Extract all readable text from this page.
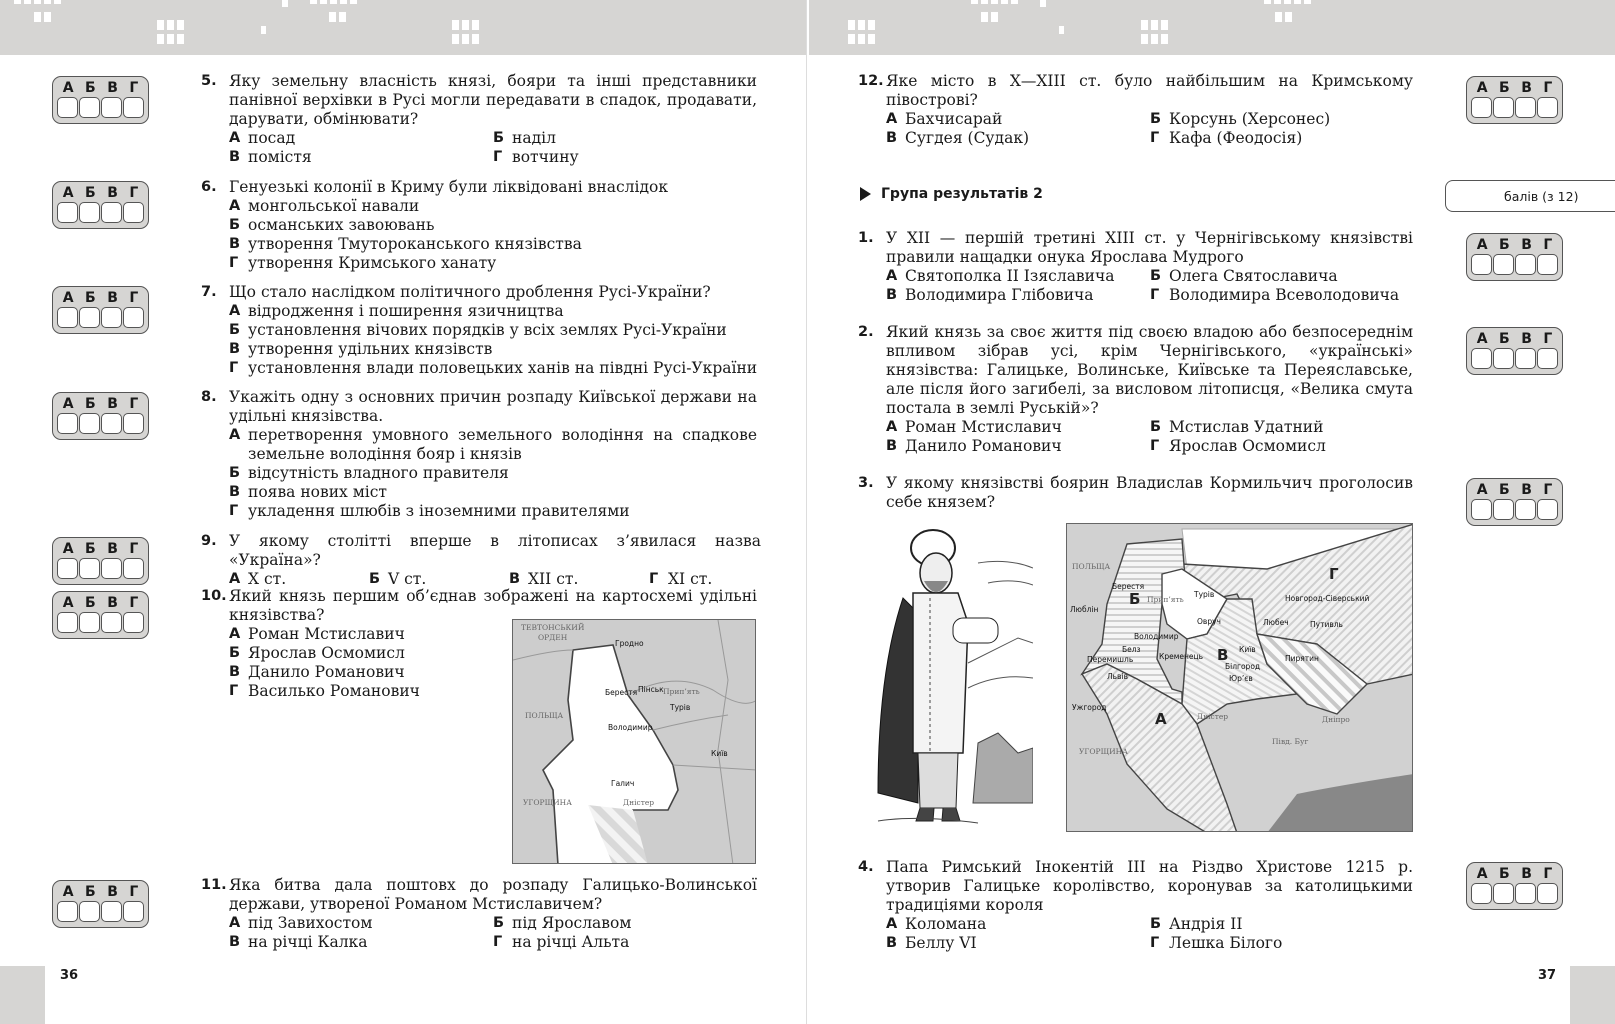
А Б В Г
А Б В Г
А Б В Г
А Б В Г
А Б В Г
А Б В Г
А Б В Г
5. Яку земельну власність князі, бояри та інші представники панівної верхівки в Русі могли передавати в спадок, продавати, дарувати, обмінювати?
А посад	Б наділ
В помістя	Г вотчину
6. Генуезькі колонії в Криму були ліквідовані внаслідок
А монгольської навали
Б османських завоювань
В утворення Тмутороканського князівства
Г утворення Кримського ханату
7. Що стало наслідком політичного дроблення Русі-України?
А відродження і поширення язичництва
Б установлення вічових порядків у всіх землях Русі-України
В утворення удільних князівств
Г установлення влади половецьких ханів на півдні Русі-України
8. Укажіть одну з основних причин розпаду Київської держави на удільні князівства.
А перетворення умовного земельного володіння на спадкове земельне володіння бояр і князів
Б відсутність владного правителя
В поява нових міст
Г укладення шлюбів з іноземними правителями
9. У якому столітті вперше в літописах з’явилася назва «Україна»?
А X ст.	Б V ст.	В XII ст.	Г XI ст.
10. Який князь першим об’єднав зображені на картосхемі удільні князівства?
А Роман Мстиславич
Б Ярослав Осмомисл
В Данило Романович
Г Василько Романович
ТЕВТОНСЬКИЙ
ОРДЕН
Гродно
Берестя Пінськ Прип’ять
Турів
ПОЛЬЩА
Володимир
Київ
Галич
Дністер
УГОРЩИНА
11. Яка битва дала поштовх до розпаду Галицько-Волинської держави, утвореної Романом Мстиславичем?
А під Завихостом	Б під Ярославом
В на річці Калка	Г на річці Альта
36
А Б В Г
А Б В Г
А Б В Г
А Б В Г
А Б В Г
12. Яке місто в X—XIII ст. було найбільшим на Кримському півострові?
А Бахчисарай	Б Корсунь (Херсонес)
В Сугдея (Судак)	Г Кафа (Феодосія)
Група результатів 2	балів (з 12)
1. У XII — першій третині XIII ст. у Чернігівському князівстві правили нащадки онука Ярослава Мудрого
А Святополка II Ізяславича Б Олега Святославича
В Володимира Глібовича	Г Володимира Всеволодовича
2. Який князь за своє життя під своєю владою або безпосереднім впливом зібрав усі, крім Чернігівського, «українські» князівства: Галицьке, Волинське, Київське та Переяславське, але після його загибелі, за висловом літописця, «Велика смута постала в землі Руській»?
А Роман Мстиславич	Б Мстислав Удатний
В Данило Романович	Г Ярослав Осмомисл
3. У якому князівстві боярин Владислав Кормильчич проголосив себе князем?
ПОЛЬЩА
Берестя
Б Прип’ять
Турів
Люблін
Г
Новгород-Сіверський
Любеч	Путивль
Овруч
Володимир
Белз
Перемишль	Кременець В Київ
Пирятин
Білгород
Юр’єв
Львів
Ужгород
А	Дністер
Півд. Буг
Дніпро
УГОРЩИНА
4. Папа Римський Інокентій III на Різдво Христове 1215 р. утворив Галицьке королівство, коронував за католицькими традиціями короля
А Коломана	Б Андрія II
В Беллу VI	Г Лешка Білого
37
